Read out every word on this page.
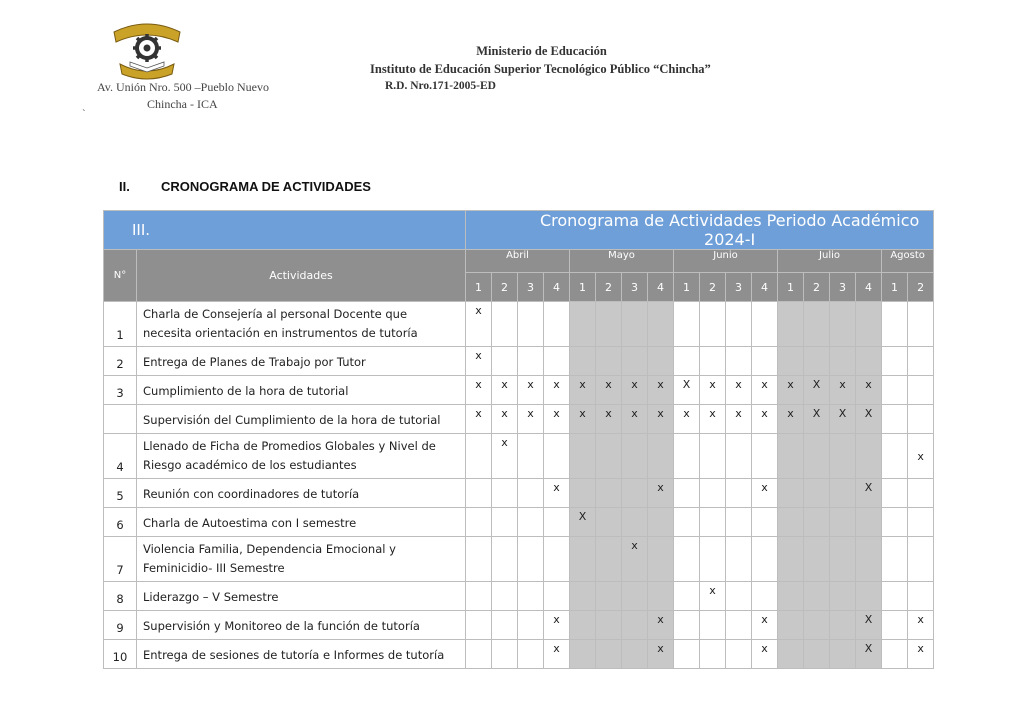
Ministerio de Educación
Instituto de Educación Superior Tecnológico Público “Chincha”
Av. Unión Nro. 500 –Pueblo Nuevo	R.D. Nro.171-2005-ED
Chincha - ICA
`
II. CRONOGRAMA DE ACTIVIDADES
III.		Cronograma de Actividades Periodo Académico 2024-I																	
N°	Actividades	Abril				Mayo				Junio				Julio				Agosto	
		1	2	3	4	1	2	3	4	1	2	3	4	1	2	3	4	1	2
1	Charla de Consejería al personal Docente que necesita orientación en instrumentos de tutoría	x																	
2	Entrega de Planes de Trabajo por Tutor	x																	
3	Cumplimiento de la hora de tutorial	x	x	x	x	x	x	x	x	X	x	x	x	x	X	x	x		
	Supervisión del Cumplimiento de la hora de tutorial	x	x	x	x	x	x	x	x	x	x	x	x	x	X	X	X		
4	Llenado de Ficha de Promedios Globales y Nivel de Riesgo académico de los estudiantes		x																x
5	Reunión con coordinadores de tutoría				x				x				x				X		
6	Charla de Autoestima con I semestre					X													
7	Violencia Familia, Dependencia Emocional y Feminicidio- III Semestre							x											
8	Liderazgo – V Semestre										x								
9	Supervisión y Monitoreo de la función de tutoría				x				x				x				X		x
10	Entrega de sesiones de tutoría e Informes de tutoría				x				x				x				X		x
